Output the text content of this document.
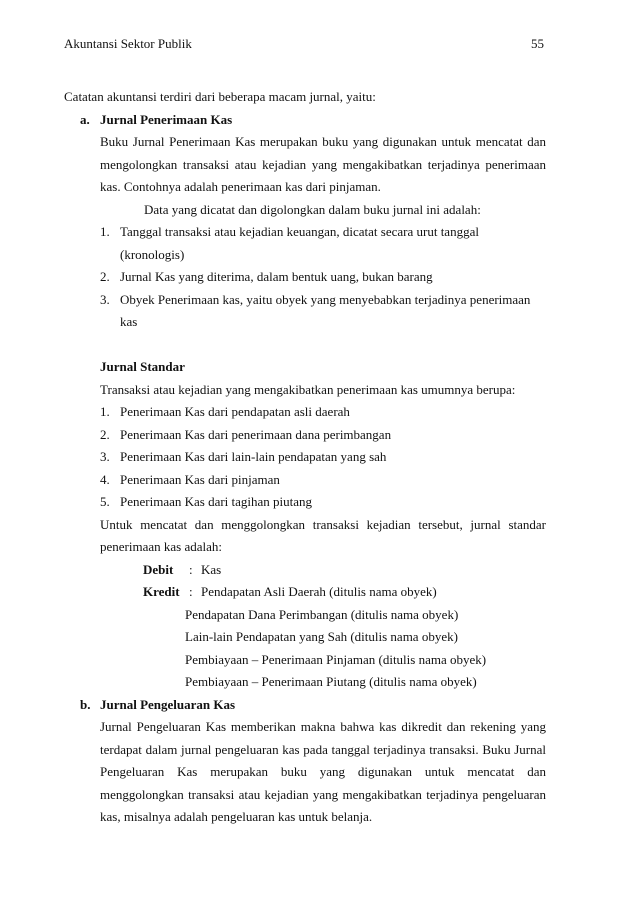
Akuntansi Sektor Publik	55
Catatan akuntansi terdiri dari beberapa macam jurnal, yaitu:
a. Jurnal Penerimaan Kas
Buku Jurnal Penerimaan Kas merupakan buku yang digunakan untuk mencatat dan
mengolongkan transaksi atau kejadian yang mengakibatkan terjadinya penerimaan
kas. Contohnya adalah penerimaan kas dari pinjaman.
Data yang dicatat dan digolongkan dalam buku jurnal ini adalah:
1. Tanggal transaksi atau kejadian keuangan, dicatat secara urut tanggal (kronologis)
2. Jurnal Kas yang diterima, dalam bentuk uang, bukan barang
3. Obyek Penerimaan kas, yaitu obyek yang menyebabkan terjadinya penerimaan kas
Jurnal Standar
Transaksi atau kejadian yang mengakibatkan penerimaan kas umumnya berupa:
1. Penerimaan Kas dari pendapatan asli daerah
2. Penerimaan Kas dari penerimaan dana perimbangan
3. Penerimaan Kas dari lain-lain pendapatan yang sah
4. Penerimaan Kas dari pinjaman
5. Penerimaan Kas dari tagihan piutang
Untuk mencatat dan menggolongkan transaksi kejadian tersebut, jurnal standar
penerimaan kas adalah:
Debit	: Kas
Kredit : Pendapatan Asli Daerah (ditulis nama obyek)
Pendapatan Dana Perimbangan (ditulis nama obyek)
Lain-lain Pendapatan yang Sah (ditulis nama obyek)
Pembiayaan – Penerimaan Pinjaman (ditulis nama obyek)
Pembiayaan – Penerimaan Piutang (ditulis nama obyek)
b. Jurnal Pengeluaran Kas
Jurnal Pengeluaran Kas memberikan makna bahwa kas dikredit dan rekening yang
terdapat dalam jurnal pengeluaran kas pada tanggal terjadinya transaksi. Buku Jurnal
Pengeluaran Kas merupakan buku yang digunakan untuk mencatat dan
menggolongkan transaksi atau kejadian yang mengakibatkan terjadinya pengeluaran
kas, misalnya adalah pengeluaran kas untuk belanja.
